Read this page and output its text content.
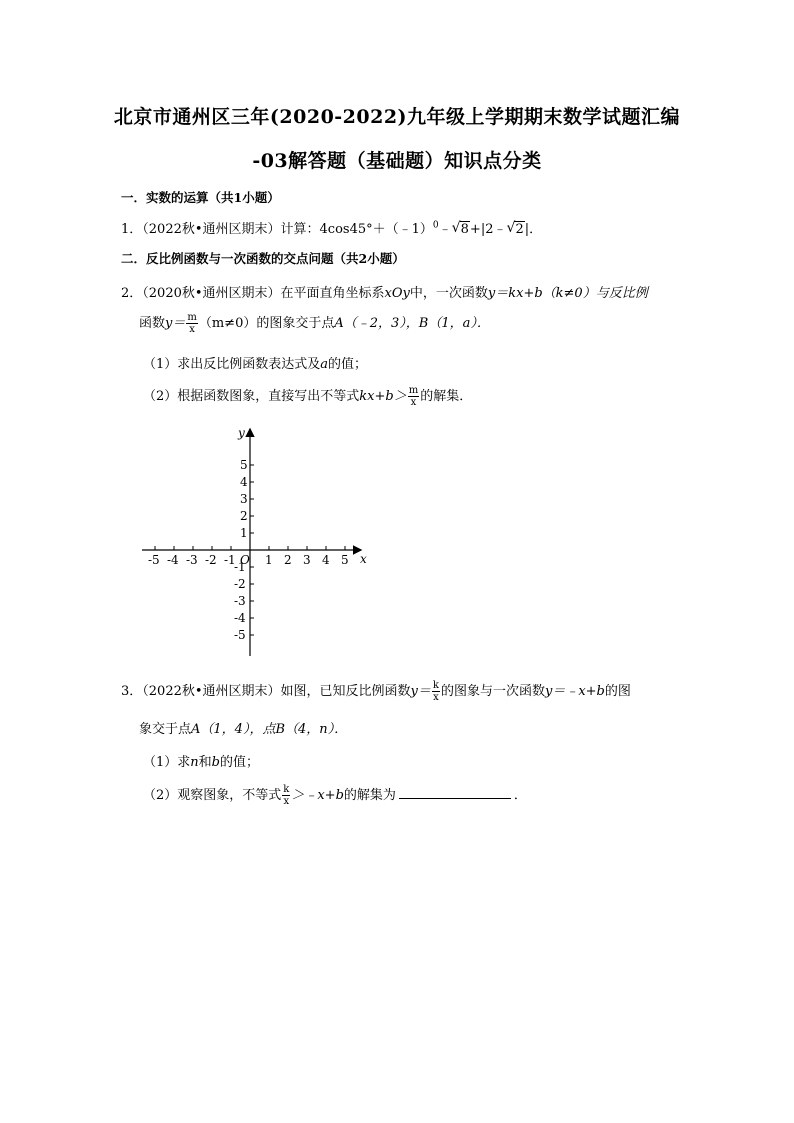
北京市通州区三年(2020-2022)九年级上学期期末数学试题汇编
-03解答题（基础题）知识点分类
一．实数的运算（共1小题）
1．（2022秋•通州区期末）计算：4cos45°＋（﹣1）$^0$﹣ √ 8+|2﹣ √ 2|．
二．反比例函数与一次函数的交点问题（共2小题）
2．（2020秋•通州区期末）在平面直角坐标系xOy中，一次函数y＝kx+b（k≠0）与反比例
函数$y= \frac{m}{x} (m\ne 0)$的图象交于点A（﹣2，3），B（1，a）．
（1）求出反比例函数表达式及a的值；
（2）根据函数图象，直接写出不等式$kx+b> \frac{m}{x}$ 的解集．
-5 -4 -3 -2 -1 1 2 3 4 5
5
4
3
2
1
-1
-2
-3
-4
-5
x
y
O
3．（2022秋•通州区期末）如图，已知反比例函数$y= \frac{k}{x}$ 的图象与一次函数y＝﹣x+b的图
象交于点A（1，4），点B（4，n）．
（1）求n和b的值；
（2）观察图象，不等式 $\frac{k}{x}$ ＞﹣x+b的解集为	．
